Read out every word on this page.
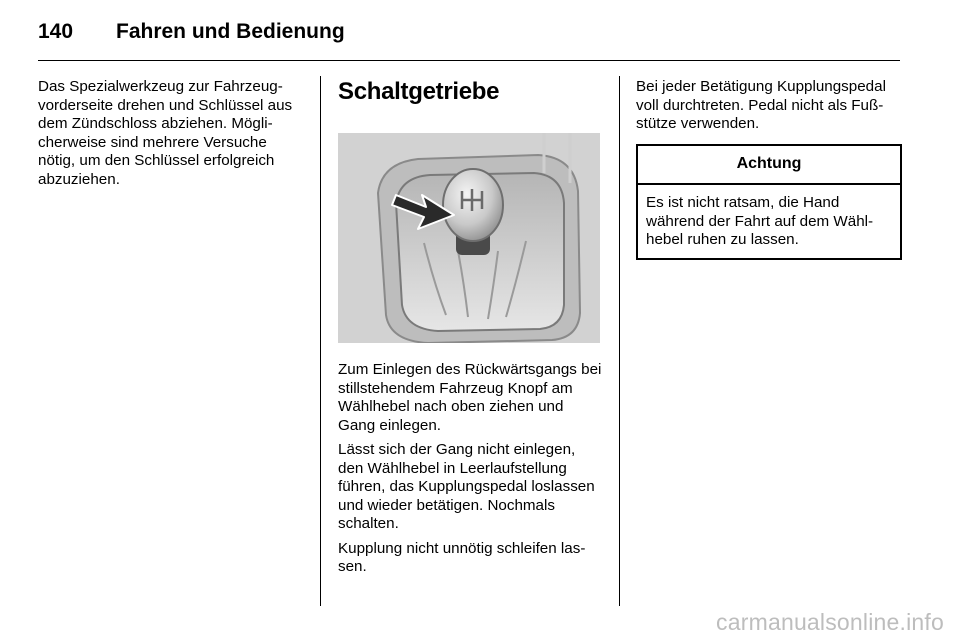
140	Fahren und Bedienung

Das Spezialwerkzeug zur Fahrzeugvorderseite drehen und Schlüssel aus dem Zündschloss abziehen. Möglicherweise sind mehrere Versuche nötig, um den Schlüssel erfolgreich abzuziehen.

Schaltgetriebe

Zum Einlegen des Rückwärtsgangs bei stillstehendem Fahrzeug Knopf am Wählhebel nach oben ziehen und Gang einlegen.

Lässt sich der Gang nicht einlegen, den Wählhebel in Leerlaufstellung führen, das Kupplungspedal loslassen und wieder betätigen. Nochmals schalten.

Kupplung nicht unnötig schleifen lassen.

Bei jeder Betätigung Kupplungspedal voll durchtreten. Pedal nicht als Fußstütze verwenden.

Achtung
Es ist nicht ratsam, die Hand während der Fahrt auf dem Wählhebel ruhen zu lassen.
carmanualsonline.info
